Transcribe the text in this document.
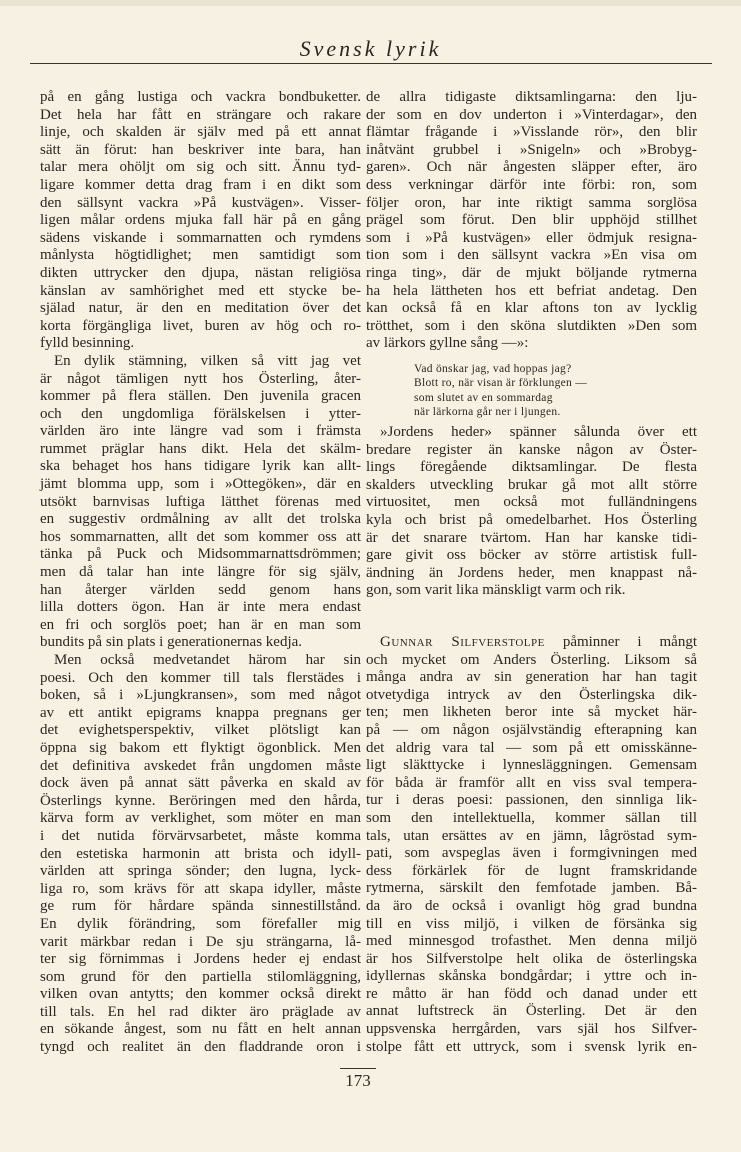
Svensk lyrik
på en gång lustiga och vackra bondbuketter.
Det hela har fått en strängare och rakare
linje, och skalden är själv med på ett annat
sätt än förut: han beskriver inte bara, han
talar mera ohöljt om sig och sitt. Ännu tyd-
ligare kommer detta drag fram i en dikt som
den sällsynt vackra »På kustvägen». Visser-
ligen målar ordens mjuka fall här på en gång
sädens viskande i sommarnatten och rymdens
månlysta högtidlighet; men samtidigt som
dikten uttrycker den djupa, nästan religiösa
känslan av samhörighet med ett stycke be-
själad natur, är den en meditation över det
korta förgängliga livet, buren av hög och ro-
fylld besinning.
En dylik stämning, vilken så vitt jag vet
är något tämligen nytt hos Österling, åter-
kommer på flera ställen. Den juvenila gracen
och den ungdomliga förälskelsen i ytter-
världen äro inte längre vad som i främsta
rummet präglar hans dikt. Hela det skälm-
ska behaget hos hans tidigare lyrik kan allt-
jämt blomma upp, som i »Ottegöken», där en
utsökt barnvisas luftiga lätthet förenas med
en suggestiv ordmålning av allt det trolska
hos sommarnatten, allt det som kommer oss att
tänka på Puck och Midsommarnattsdrömmen;
men då talar han inte längre för sig själv,
han återger världen sedd genom hans
lilla dotters ögon. Han är inte mera endast
en fri och sorglös poet; han är en man som
bundits på sin plats i generationernas kedja.
Men också medvetandet härom har sin
poesi. Och den kommer till tals flerstädes i
boken, så i »Ljungkransen», som med något
av ett antikt epigrams knappa pregnans ger
det evighetsperspektiv, vilket plötsligt kan
öppna sig bakom ett flyktigt ögonblick. Men
det definitiva avskedet från ungdomen måste
dock även på annat sätt påverka en skald av
Österlings kynne. Beröringen med den hårda,
kärva form av verklighet, som möter en man
i det nutida förvärvsarbetet, måste komma
den estetiska harmonin att brista och idyll-
världen att springa sönder; den lugna, lyck-
liga ro, som krävs för att skapa idyller, måste
ge rum för hårdare spända sinnestillstånd.
En dylik förändring, som förefaller mig
varit märkbar redan i De sju strängarna, lå-
ter sig förnimmas i Jordens heder ej endast
som grund för den partiella stilomläggning,
vilken ovan antytts; den kommer också direkt
till tals. En hel rad dikter äro präglade av
en sökande ångest, som nu fått en helt annan
tyngd och realitet än den fladdrande oron i
de allra tidigaste diktsamlingarna: den lju-
der som en dov underton i »Vinterdagar», den
flämtar frågande i »Visslande rör», den blir
inåtvänt grubbel i »Snigeln» och »Brobyg-
garen». Och när ångesten släpper efter, äro
dess verkningar därför inte förbi: ron, som
följer oron, har inte riktigt samma sorglösa
prägel som förut. Den blir upphöjd stillhet
som i »På kustvägen» eller ödmjuk resigna-
tion som i den sällsynt vackra »En visa om
ringa ting», där de mjukt böljande rytmerna
ha hela lättheten hos ett befriat andetag. Den
kan också få en klar aftons ton av lycklig
trötthet, som i den sköna slutdikten »Den som
av lärkors gyllne sång —»:
Vad önskar jag, vad hoppas jag?
Blott ro, när visan är förklungen —
som slutet av en sommardag
när lärkorna går ner i ljungen.
»Jordens heder» spänner sålunda över ett
bredare register än kanske någon av Öster-
lings föregående diktsamlingar. De flesta
skalders utveckling brukar gå mot allt större
virtuositet, men också mot fulländningens
kyla och brist på omedelbarhet. Hos Österling
är det snarare tvärtom. Han har kanske tidi-
gare givit oss böcker av större artistisk full-
ändning än Jordens heder, men knappast nå-
gon, som varit lika mänskligt varm och rik.
Gunnar Silfverstolpe påminner i mångt
och mycket om Anders Österling. Liksom så
många andra av sin generation har han tagit
otvetydiga intryck av den Österlingska dik-
ten; men likheten beror inte så mycket här-
på — om någon osjälvständig efterapning kan
det aldrig vara tal — som på ett omisskänne-
ligt släkttycke i lynnesläggningen. Gemensam
för båda är framför allt en viss sval tempera-
tur i deras poesi: passionen, den sinnliga lik-
som den intellektuella, kommer sällan till
tals, utan ersättes av en jämn, lågröstad sym-
pati, som avspeglas även i formgivningen med
dess förkärlek för de lugnt framskridande
rytmerna, särskilt den femfotade jamben. Bå-
da äro de också i ovanligt hög grad bundna
till en viss miljö, i vilken de försänka sig
med minnesgod trofasthet. Men denna miljö
är hos Silfverstolpe helt olika de österlingska
idyllernas skånska bondgårdar; i yttre och in-
re måtto är han född och danad under ett
annat luftstreck än Österling. Det är den
uppsvenska herrgården, vars själ hos Silfver-
stolpe fått ett uttryck, som i svensk lyrik en-
173
